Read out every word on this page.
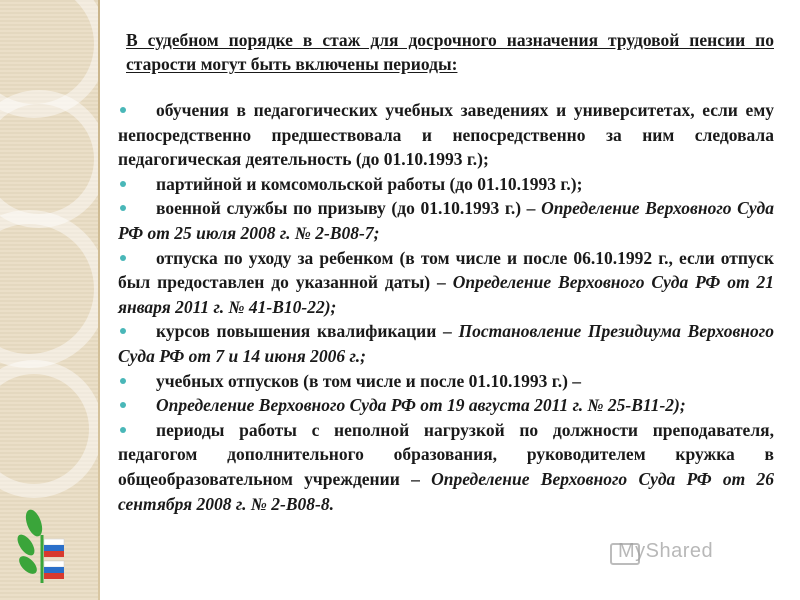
В судебном порядке в стаж для досрочного назначения трудовой пенсии по старости могут быть включены периоды:

обучения в педагогических учебных заведениях и университетах, если ему непосредственно предшествовала и непосредственно за ним следовала педагогическая деятельность (до 01.10.1993 г.);
партийной и комсомольской работы (до 01.10.1993 г.);
военной службы по призыву (до 01.10.1993 г.) – Определение Верховного Суда РФ от 25 июля 2008 г. № 2-В08-7;
отпуска по уходу за ребенком (в том числе и после 06.10.1992 г., если отпуск был предоставлен до указанной даты) – Определение Верховного Суда РФ от 21 января 2011 г. № 41-В10-22);
курсов повышения квалификации – Постановление Президиума Верховного Суда РФ от 7 и 14 июня 2006 г.;
учебных отпусков (в том числе и после 01.10.1993 г.) –
Определение Верховного Суда РФ от 19 августа 2011 г. № 25-В11-2);
периоды работы с неполной нагрузкой по должности преподавателя, педагогом дополнительного образования, руководителем кружка в общеобразовательном учреждении – Определение Верховного Суда РФ от 26 сентября 2008 г. № 2-В08-8.
MyShared
